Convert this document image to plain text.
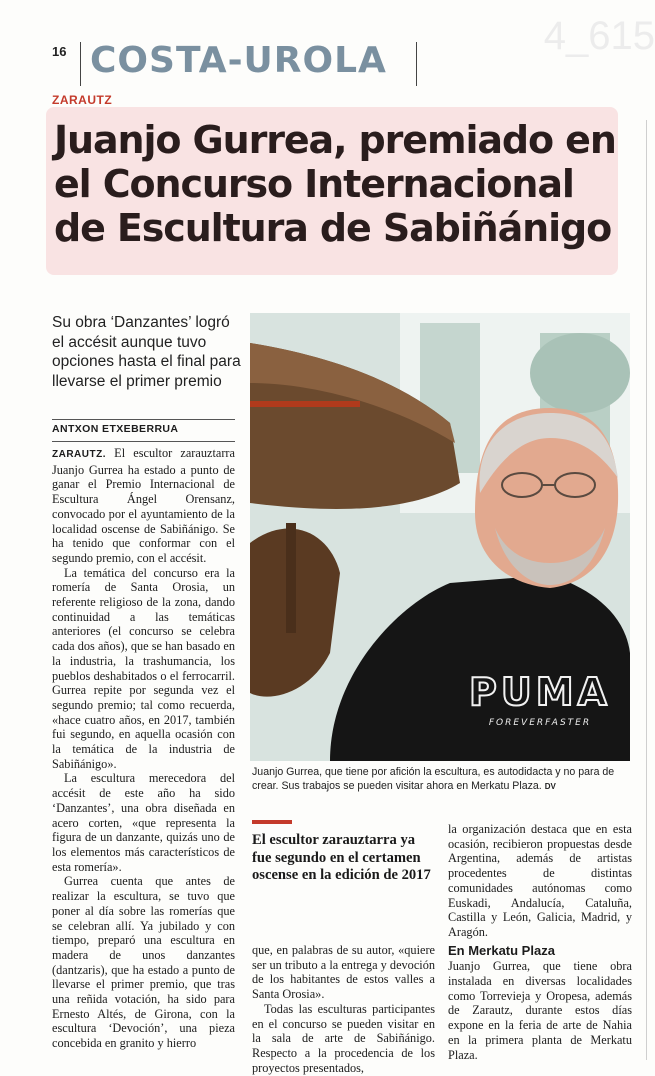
4_615
16 COSTA-UROLA
ZARAUTZ
Juanjo Gurrea, premiado en el Concurso Internacional de Escultura de Sabiñánigo
Su obra ‘Danzantes’ logró el accésit aunque tuvo opciones hasta el final para llevarse el primer premio
ANTXON ETXEBERRUA

ZARAUTZ. El escultor zarauztarra Juanjo Gurrea ha estado a punto de ganar el Premio Internacional de Escultura Ángel Orensanz, convocado por el ayuntamiento de la localidad oscense de Sabiñánigo. Se ha tenido que conformar con el segundo premio, con el accésit.

La temática del concurso era la romería de Santa Orosia, un referente religioso de la zona, dando continuidad a las temáticas anteriores (el concurso se celebra cada dos años), que se han basado en la industria, la trashumancia, los pueblos deshabitados o el ferrocarril. Gurrea repite por segunda vez el segundo premio; tal como recuerda, «hace cuatro años, en 2017, también fui segundo, en aquella ocasión con la temática de la industria de Sabiñánigo».

La escultura merecedora del accésit de este año ha sido ‘Danzantes’, una obra diseñada en acero corten, «que representa la figura de un danzante, quizás uno de los elementos más característicos de esta romería».

Gurrea cuenta que antes de realizar la escultura, se tuvo que poner al día sobre las romerías que se celebran allí. Ya jubilado y con tiempo, preparó una escultura en madera de unos danzantes (dantzaris), que ha estado a punto de llevarse el primer premio, que tras una reñida votación, ha sido para Ernesto Altés, de Girona, con la escultura ‘Devoción’, una pieza concebida en granito y hierro

PUMA
FOREVERFASTER
Juanjo Gurrea, que tiene por afición la escultura, es autodidacta y no para de crear. Sus trabajos se pueden visitar ahora en Merkatu Plaza. DV
El escultor zarauztarra ya fue segundo en el certamen oscense en la edición de 2017

que, en palabras de su autor, «quiere ser un tributo a la entrega y devoción de los habitantes de estos valles a Santa Orosia».

Todas las esculturas participantes en el concurso se pueden visitar en la sala de arte de Sabiñánigo. Respecto a la procedencia de los proyectos presentados,

la organización destaca que en esta ocasión, recibieron propuestas desde Argentina, además de artistas procedentes de distintas comunidades autónomas como Euskadi, Andalucía, Cataluña, Castilla y León, Galicia, Madrid, y Aragón.

En Merkatu Plaza

Juanjo Gurrea, que tiene obra instalada en diversas localidades como Torrevieja y Oropesa, además de Zarautz, durante estos días expone en la feria de arte de Nahia en la primera planta de Merkatu Plaza.
